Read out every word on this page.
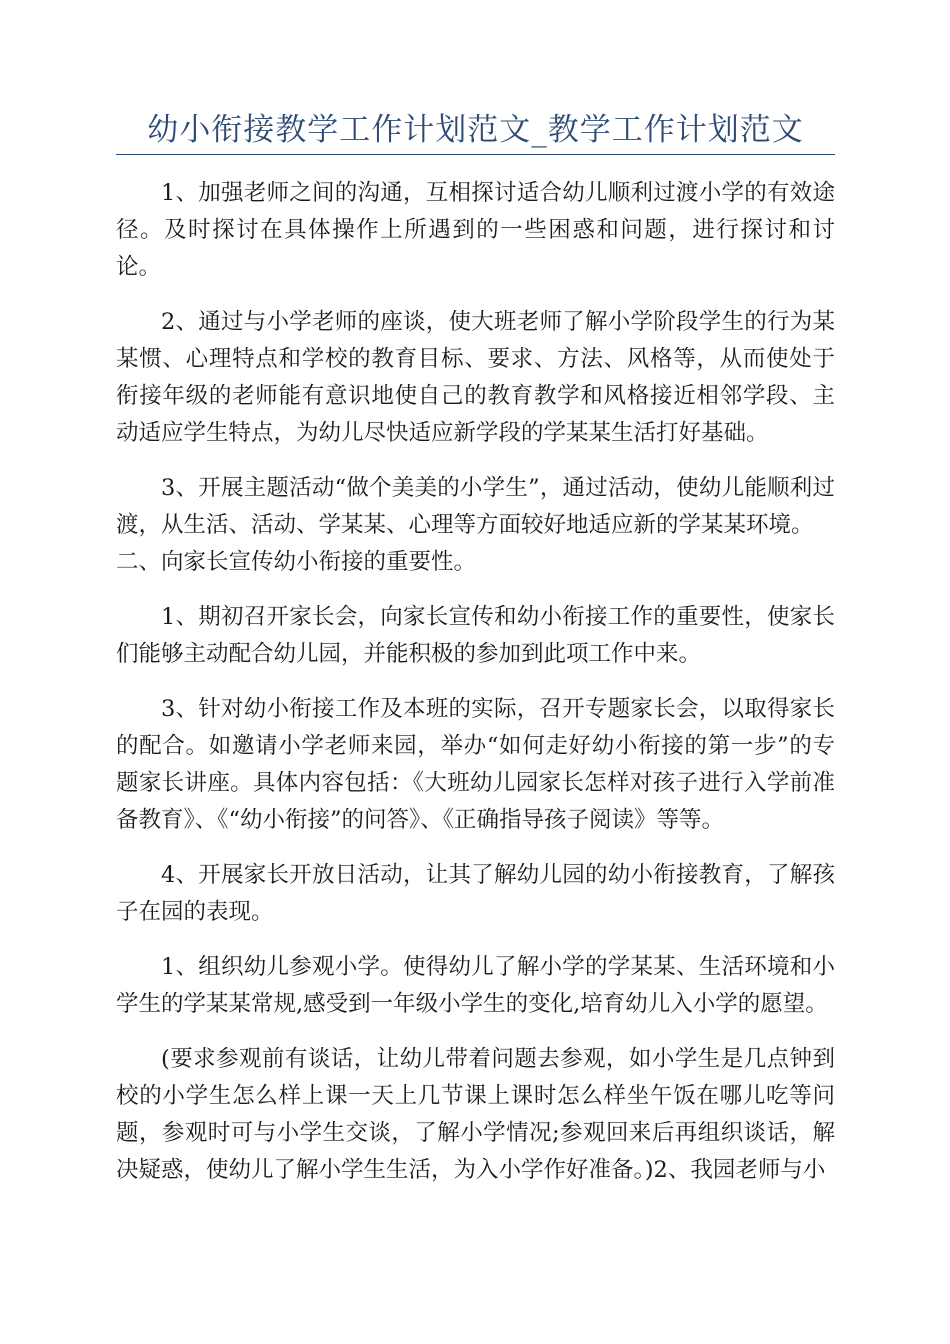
幼小衔接教学工作计划范文_教学工作计划范文

1、加强老师之间的沟通，互相探讨适合幼儿顺利过渡小学的有效途径。及时探讨在具体操作上所遇到的一些困惑和问题，进行探讨和讨论。

2、通过与小学老师的座谈，使大班老师了解小学阶段学生的行为某某惯、心理特点和学校的教育目标、要求、方法、风格等，从而使处于衔接年级的老师能有意识地使自己的教育教学和风格接近相邻学段、主动适应学生特点，为幼儿尽快适应新学段的学某某生活打好基础。

3、开展主题活动“做个美美的小学生”，通过活动，使幼儿能顺利过渡，从生活、活动、学某某、心理等方面较好地适应新的学某某环境。

二、向家长宣传幼小衔接的重要性。

1、期初召开家长会，向家长宣传和幼小衔接工作的重要性，使家长们能够主动配合幼儿园，并能积极的参加到此项工作中来。

3、针对幼小衔接工作及本班的实际，召开专题家长会，以取得家长的配合。如邀请小学老师来园，举办“如何走好幼小衔接的第一步”的专题家长讲座。具体内容包括：《大班幼儿园家长怎样对孩子进行入学前准备教育》、《“幼小衔接”的问答》、《正确指导孩子阅读》等等。

4、开展家长开放日活动，让其了解幼儿园的幼小衔接教育，了解孩子在园的表现。

1、组织幼儿参观小学。使得幼儿了解小学的学某某、生活环境和小学生的学某某常规,感受到一年级小学生的变化,培育幼儿入小学的愿望。

(要求参观前有谈话，让幼儿带着问题去参观，如小学生是几点钟到校的小学生怎么样上课一天上几节课上课时怎么样坐午饭在哪儿吃等问题，参观时可与小学生交谈，了解小学情况;参观回来后再组织谈话，解决疑惑，使幼儿了解小学生生活，为入小学作好准备。)2、我园老师与小
